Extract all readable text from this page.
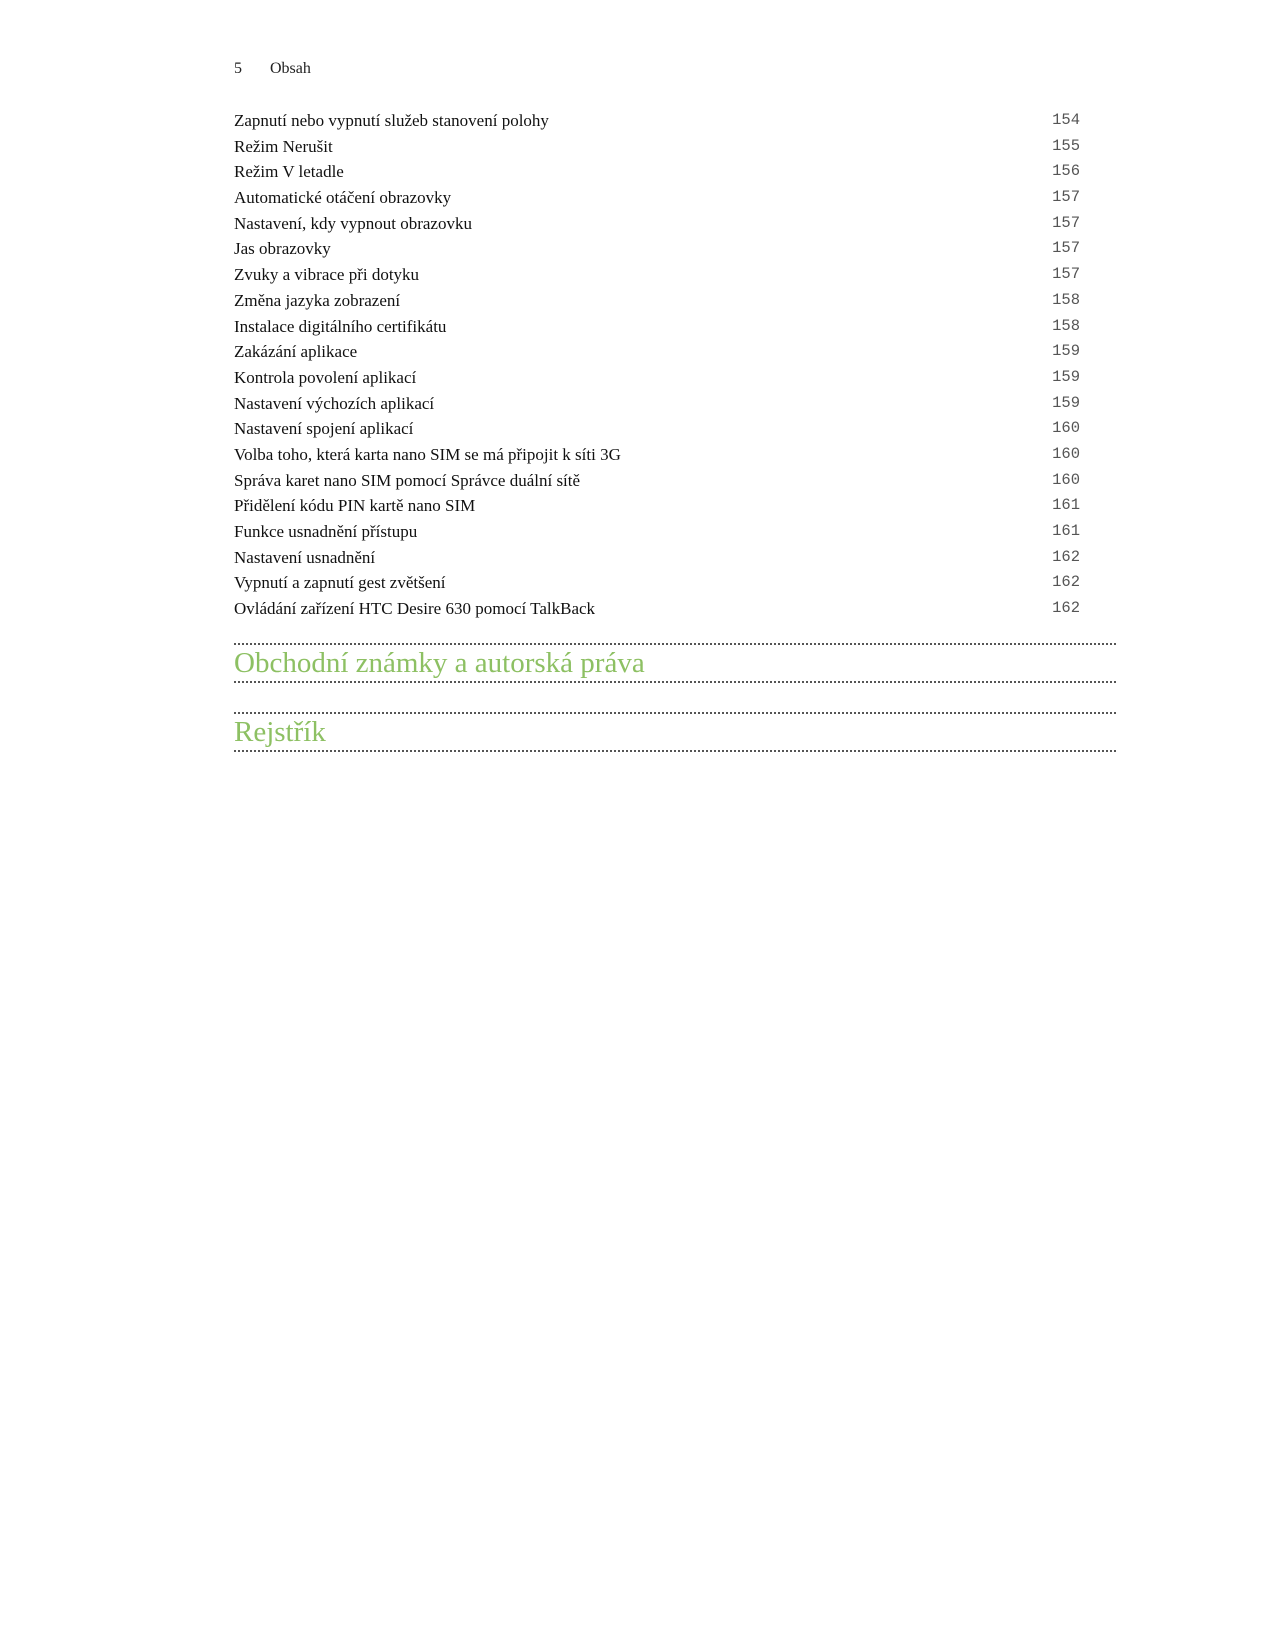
5 Obsah
Zapnutí nebo vypnutí služeb stanovení polohy	154
Režim Nerušit	155
Režim V letadle	156
Automatické otáčení obrazovky	157
Nastavení, kdy vypnout obrazovku	157
Jas obrazovky	157
Zvuky a vibrace při dotyku	157
Změna jazyka zobrazení	158
Instalace digitálního certifikátu	158
Zakázání aplikace	159
Kontrola povolení aplikací	159
Nastavení výchozích aplikací	159
Nastavení spojení aplikací	160
Volba toho, která karta nano SIM se má připojit k síti 3G	160
Správa karet nano SIM pomocí Správce duální sítě	160
Přidělení kódu PIN kartě nano SIM	161
Funkce usnadnění přístupu	161
Nastavení usnadnění	162
Vypnutí a zapnutí gest zvětšení	162
Ovládání zařízení HTC Desire 630 pomocí TalkBack	162
Obchodní známky a autorská práva
Rejstřík
